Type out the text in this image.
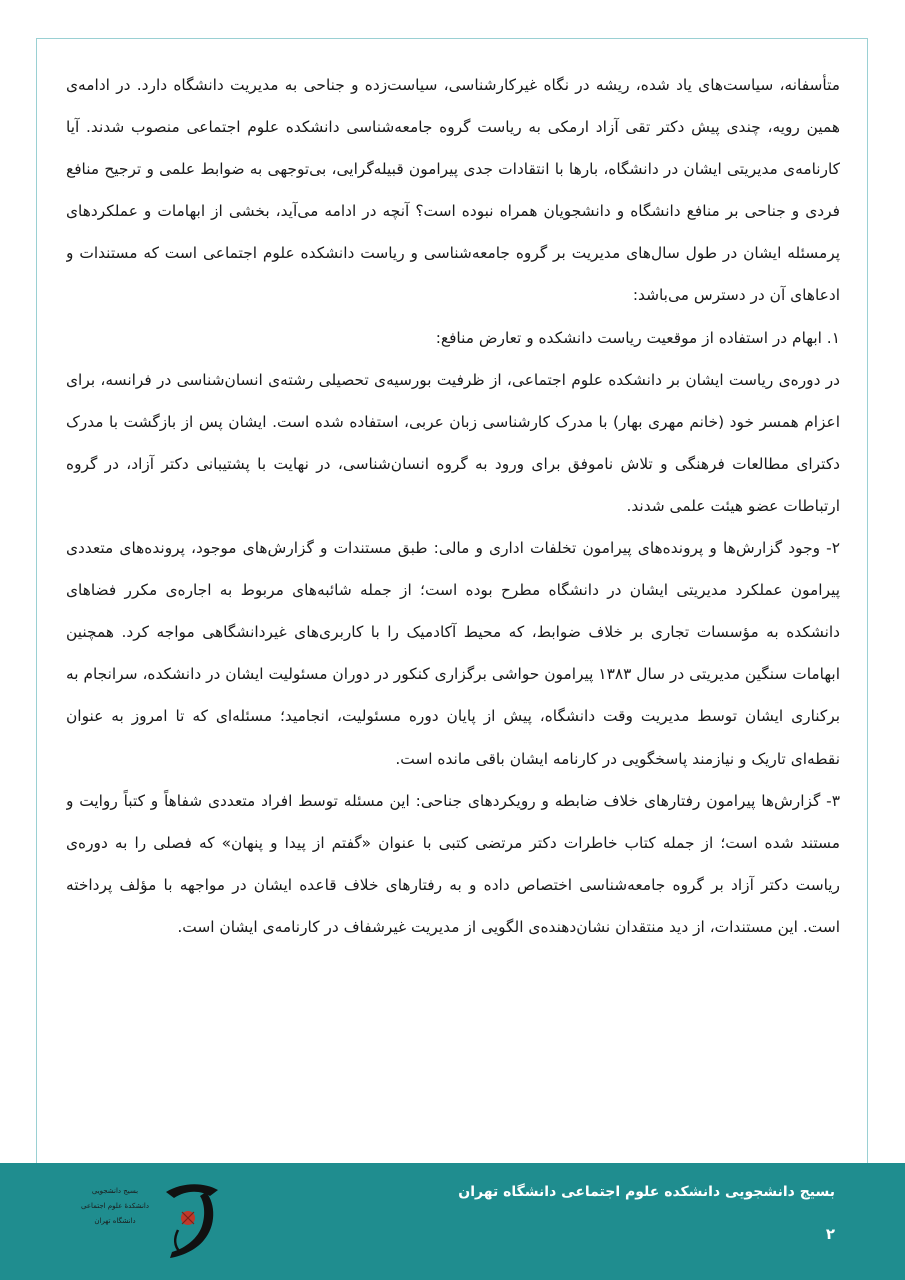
متأسفانه، سیاست‌های یاد شده، ریشه در نگاه غیرکارشناسی، سیاست‌زده و جناحی به مدیریت دانشگاه دارد. در ادامه‌ی همین رویه، چندی پیش دکتر تقی آزاد ارمکی به ریاست گروه جامعه‌شناسی دانشکده علوم اجتماعی منصوب شدند. آیا کارنامه‌ی مدیریتی ایشان در دانشگاه، بارها با انتقادات جدی پیرامون قبیله‌گرایی، بی‌توجهی به ضوابط علمی و ترجیح منافع فردی و جناحی بر منافع دانشگاه و دانشجویان همراه نبوده است؟ آنچه در ادامه می‌آید، بخشی از ابهامات و عملکردهای پرمسئله ایشان در طول سال‌های مدیریت بر گروه جامعه‌شناسی و ریاست دانشکده علوم اجتماعی است که مستندات و ادعاهای آن در دسترس می‌باشد:

۱. ابهام در استفاده از موقعیت ریاست دانشکده و تعارض منافع:

در دوره‌ی ریاست ایشان بر دانشکده علوم اجتماعی، از ظرفیت بورسیه‌ی تحصیلی رشته‌ی انسان‌شناسی در فرانسه، برای اعزام همسر خود (خانم مهری بهار) با مدرک کارشناسی زبان عربی، استفاده شده است. ایشان پس از بازگشت با مدرک دکترای مطالعات فرهنگی و تلاش ناموفق برای ورود به گروه انسان‌شناسی، در نهایت با پشتیبانی دکتر آزاد، در گروه ارتباطات عضو هیئت علمی شدند.

۲- وجود گزارش‌ها و پرونده‌های پیرامون تخلفات اداری و مالی: طبق مستندات و گزارش‌های موجود، پرونده‌های متعددی پیرامون عملکرد مدیریتی ایشان در دانشگاه مطرح بوده است؛ از جمله شائبه‌های مربوط به اجاره‌ی مکرر فضاهای دانشکده به مؤسسات تجاری بر خلاف ضوابط، که محیط آکادمیک را با کاربری‌های غیردانشگاهی مواجه کرد. همچنین ابهامات سنگین مدیریتی در سال ۱۳۸۳ پیرامون حواشی برگزاری کنکور در دوران مسئولیت ایشان در دانشکده، سرانجام به برکناری ایشان توسط مدیریت وقت دانشگاه، پیش از پایان دوره مسئولیت، انجامید؛ مسئله‌ای که تا امروز به عنوان نقطه‌ای تاریک و نیازمند پاسخگویی در کارنامه ایشان باقی مانده است.

۳- گزارش‌ها پیرامون رفتارهای خلاف ضابطه و رویکردهای جناحی: این مسئله توسط افراد متعددی شفاهاً و کتباً روایت و مستند شده است؛ از جمله کتاب خاطرات دکتر مرتضی کتبی با عنوان «گفتم از پیدا و پنهان» که فصلی را به دوره‌ی ریاست دکتر آزاد بر گروه جامعه‌شناسی اختصاص داده و به رفتارهای خلاف قاعده ایشان در مواجهه با مؤلف پرداخته است. این مستندات، از دید منتقدان نشان‌دهنده‌ی الگویی از مدیریت غیرشفاف در کارنامه‌ی ایشان است.

بسیج دانشجویی دانشکده علوم اجتماعی دانشگاه تهران
۲
بسیج دانشجویی
دانشکدهٔ علوم اجتماعی
دانشگاه تهران
